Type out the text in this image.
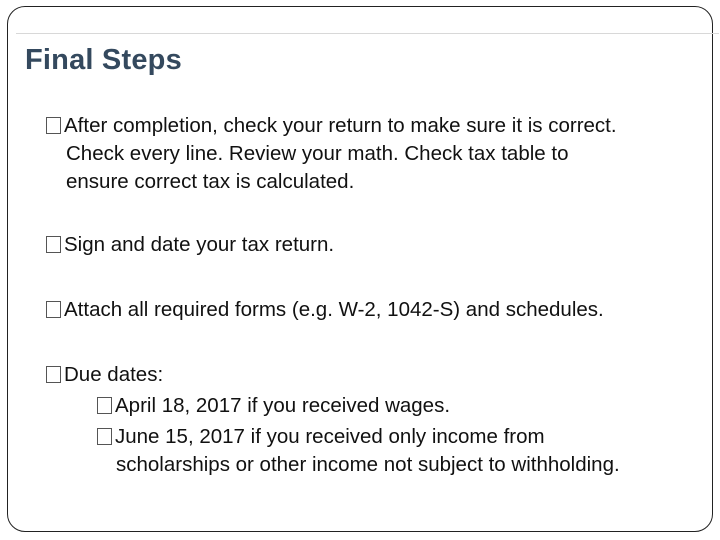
Final Steps
After completion, check your return to make sure it is correct.
Check every line. Review your math. Check tax table to
ensure correct tax is calculated.
Sign and date your tax return.
Attach all required forms (e.g. W-2, 1042-S) and schedules.
Due dates:
April 18, 2017 if you received wages.
June 15, 2017 if you received only income from
scholarships or other income not subject to withholding.
